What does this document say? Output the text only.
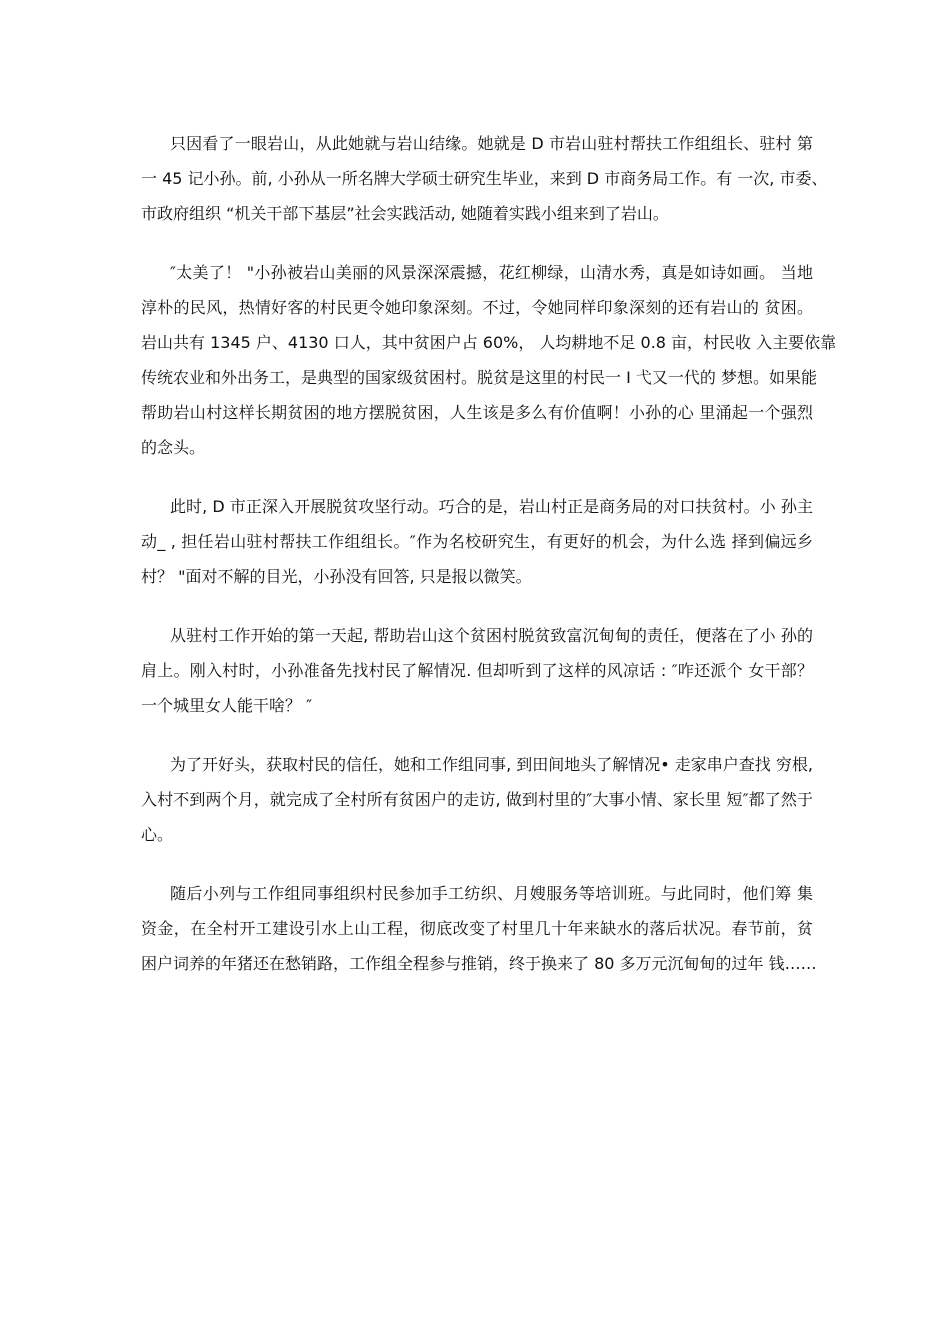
只因看了一眼岩山，从此她就与岩山结缘。她就是 D 市岩山驻村帮扶工作组组长、驻村 第
一 45 记小孙。前, 小孙从一所名牌大学硕士研究生毕业，来到 D 市商务局工作。有 一次, 市委、
市政府组织 “机关干部下基层”社会实践活动, 她随着实践小组来到了岩山。
″太美了！ "小孙被岩山美丽的风景深深震撼，花红柳绿，山清水秀，真是如诗如画。 当地
淳朴的民风，热情好客的村民更令她印象深刻。不过，令她同样印象深刻的还有岩山的 贫困。
岩山共有 1345 户、4130 口人，其中贫困户占 60%， 人均耕地不足 0.8 亩，村民收 入主要依靠
传统农业和外出务工，是典型的国家级贫困村。脱贫是这里的村民一 I 弋又一代的 梦想。如果能
帮助岩山村这样长期贫困的地方摆脱贫困，人生该是多么有价值啊！小孙的心 里涌起一个强烈
的念头。
此时, D 市正深入开展脱贫攻坚行动。巧合的是，岩山村正是商务局的对口扶贫村。小 孙主
动_ , 担任岩山驻村帮扶工作组组长。″作为名校研究生，有更好的机会，为什么选 择到偏远乡
村？ "面对不解的目光，小孙没有回答, 只是报以微笑。
从驻村工作开始的第一天起, 帮助岩山这个贫困村脱贫致富沉甸甸的责任，便落在了小 孙的
肩上。刚入村时，小孙准备先找村民了解情况. 但却听到了这样的风凉话 : ″咋还派个 女干部？
一个城里女人能干啥？ ″
为了开好头，获取村民的信任，她和工作组同事, 到田间地头了解情况• 走家串户查找 穷根,
入村不到两个月，就完成了全村所有贫困户的走访, 做到村里的″大事小情、家长里 短″都了然于
心。
随后小列与工作组同事组织村民参加手工纺织、月嫂服务等培训班。与此同时，他们筹 集
资金，在全村开工建设引水上山工程，彻底改变了村里几十年来缺水的落后状况。春节前，贫
困户词养的年猪还在愁销路，工作组全程参与推销，终于换来了 80 多万元沉甸甸的过年 钱……
